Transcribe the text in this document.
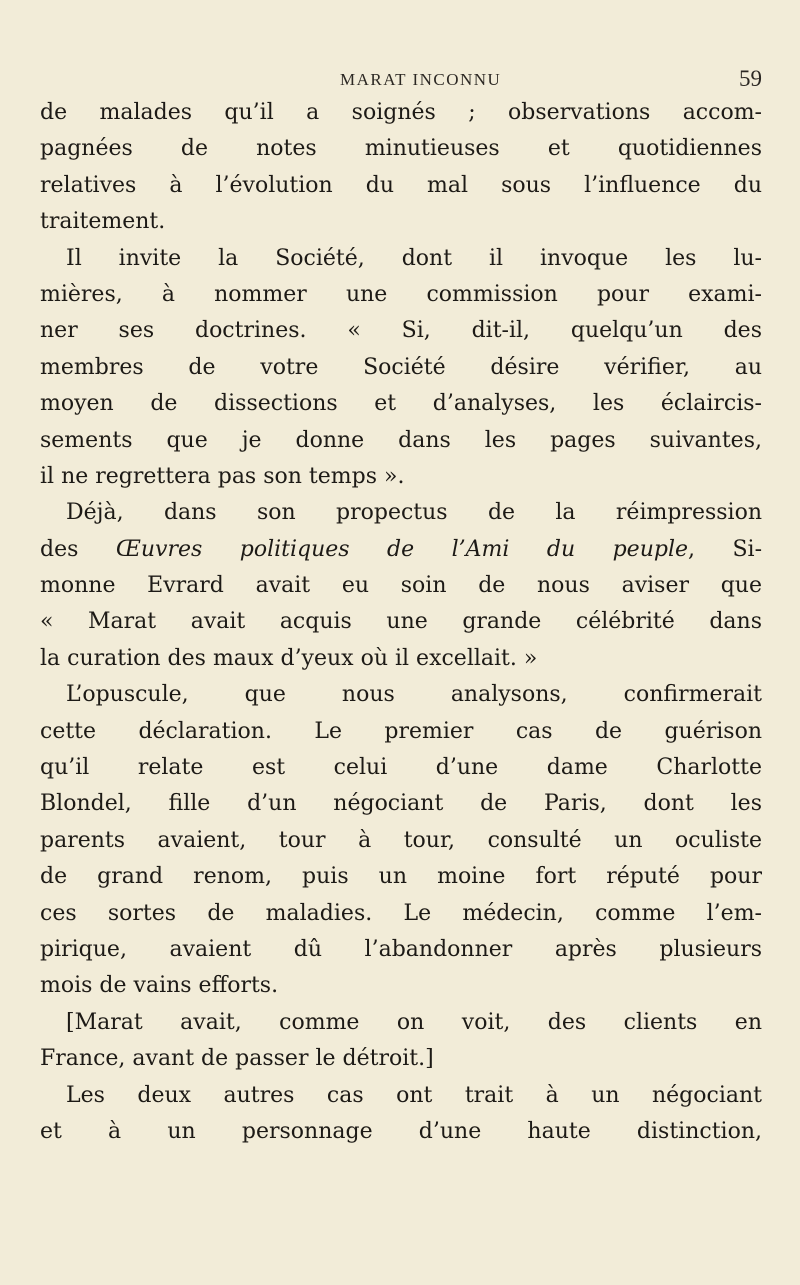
MARAT INCONNU	59
de malades qu’il a soignés ; observations accom-
pagnées de notes minutieuses et quotidiennes
relatives à l’évolution du mal sous l’influence du
traitement.
Il invite la Société, dont il invoque les lu-
mières, à nommer une commission pour exami-
ner ses doctrines. « Si, dit-il, quelqu’un des
membres de votre Société désire vérifier, au
moyen de dissections et d’analyses, les éclaircis-
sements que je donne dans les pages suivantes,
il ne regrettera pas son temps ».
Déjà, dans son propectus de la réimpression
des Œuvres politiques de l’Ami du peuple, Si-
monne Evrard avait eu soin de nous aviser que
« Marat avait acquis une grande célébrité dans
la curation des maux d’yeux où il excellait. »
L’opuscule, que nous analysons, confirmerait
cette déclaration. Le premier cas de guérison
qu’il relate est celui d’une dame Charlotte
Blondel, fille d’un négociant de Paris, dont les
parents avaient, tour à tour, consulté un oculiste
de grand renom, puis un moine fort réputé pour
ces sortes de maladies. Le médecin, comme l’em-
pirique, avaient dû l’abandonner après plusieurs
mois de vains efforts.
[Marat avait, comme on voit, des clients en
France, avant de passer le détroit.]
Les deux autres cas ont trait à un négociant
et à un personnage d’une haute distinction,
